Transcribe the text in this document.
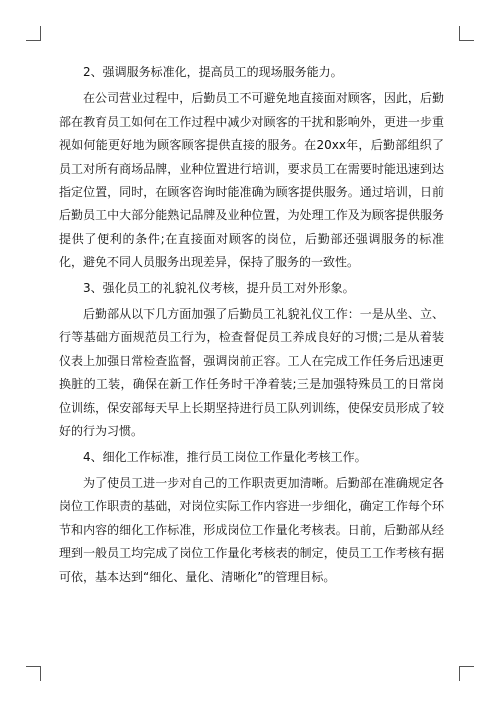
2、强调服务标准化，提高员工的现场服务能力。

在公司营业过程中，后勤员工不可避免地直接面对顾客，因此，后勤部在教育员工如何在工作过程中减少对顾客的干扰和影响外，更进一步重视如何能更好地为顾客顾客提供直接的服务。在20xx年，后勤部组织了员工对所有商场品牌，业种位置进行培训，要求员工在需要时能迅速到达指定位置，同时，在顾客咨询时能准确为顾客提供服务。通过培训，日前后勤员工中大部分能熟记品牌及业种位置，为处理工作及为顾客提供服务提供了便利的条件;在直接面对顾客的岗位，后勤部还强调服务的标准化，避免不同人员服务出现差异，保持了服务的一致性。

3、强化员工的礼貌礼仪考核，提升员工对外形象。

后勤部从以下几方面加强了后勤员工礼貌礼仪工作：一是从坐、立、行等基础方面规范员工行为，检查督促员工养成良好的习惯;二是从着装仪表上加强日常检查监督，强调岗前正容。工人在完成工作任务后迅速更换脏的工装，确保在新工作任务时干净着装;三是加强特殊员工的日常岗位训练，保安部每天早上长期坚持进行员工队列训练，使保安员形成了较好的行为习惯。

4、细化工作标准，推行员工岗位工作量化考核工作。

为了使员工进一步对自己的工作职责更加清晰。后勤部在准确规定各岗位工作职责的基础，对岗位实际工作内容进一步细化，确定工作每个环节和内容的细化工作标准，形成岗位工作量化考核表。日前，后勤部从经理到一般员工均完成了岗位工作量化考核表的制定，使员工工作考核有据可依，基本达到“细化、量化、清晰化”的管理目标。
